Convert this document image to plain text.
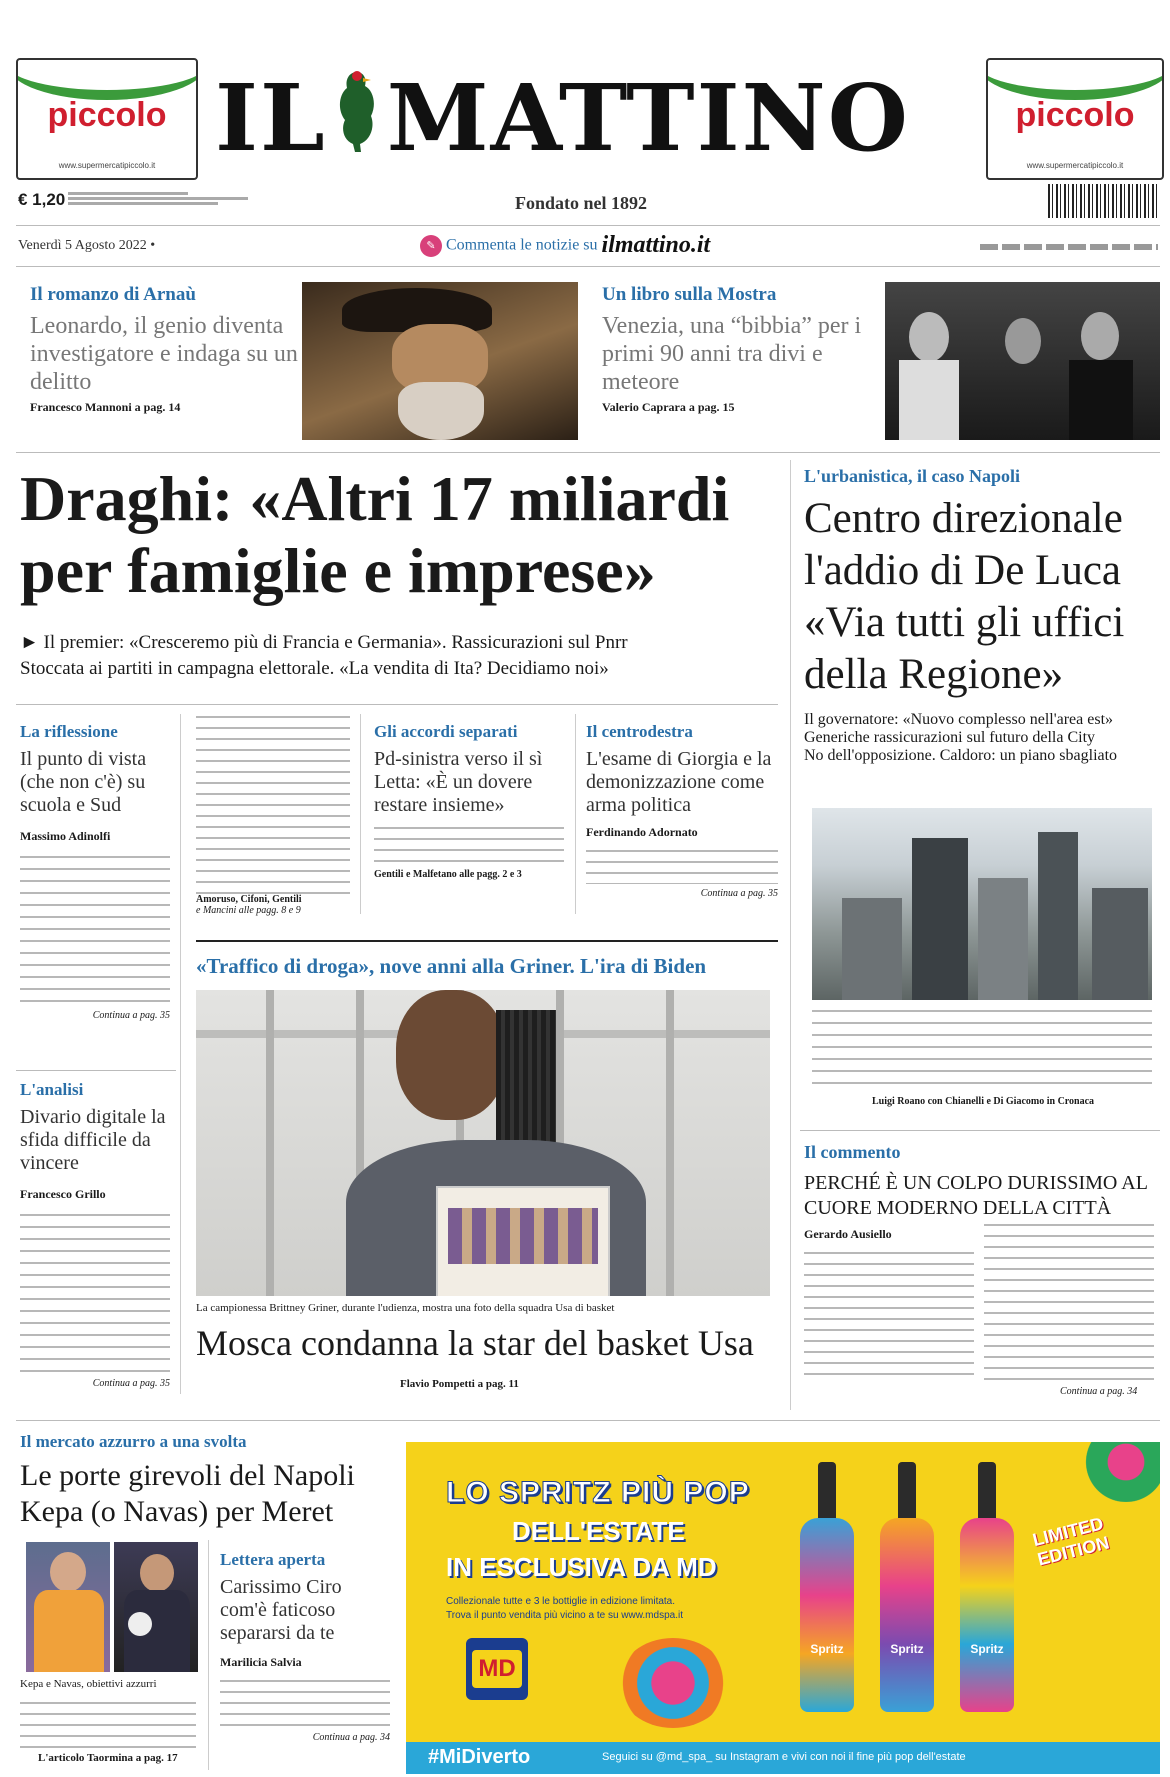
piccolo
www.supermercatipiccolo.it IL MATTINO	piccolo
www.supermercatipiccolo.it
€ 1,20	Fondato nel 1892
Venerdì 5 Agosto 2022 •	✎ Commenta le notizie su ilmattino.it
Il romanzo di Arnaù
Leonardo, il genio diventa investigatore e indaga su un delitto
Francesco Mannoni a pag. 14
Un libro sulla Mostra
Venezia, una “bibbia” per i primi 90 anni tra divi e meteore
Valerio Caprara a pag. 15
Draghi: «Altri 17 miliardi
per famiglie e imprese»
► Il premier: «Cresceremo più di Francia e Germania». Rassicurazioni sul Pnrr
Stoccata ai partiti in campagna elettorale. «La vendita di Ita? Decidiamo noi»
La riflessione
Il punto di vista (che non c'è) su scuola e Sud
Massimo Adinolfi
Continua a pag. 35
Amoruso, Cifoni, Gentili
e Mancini alle pagg. 8 e 9
Gli accordi separati
Pd-sinistra verso il sì Letta: «È un dovere restare insieme»
Gentili e Malfetano alle pagg. 2 e 3
Il centrodestra
L'esame di Giorgia e la demonizzazione come arma politica
Ferdinando Adornato
Continua a pag. 35
L'analisi
Divario digitale la sfida difficile da vincere
Francesco Grillo
Continua a pag. 35
«Traffico di droga», nove anni alla Griner. L'ira di Biden
La campionessa Brittney Griner, durante l'udienza, mostra una foto della squadra Usa di basket
Mosca condanna la star del basket Usa
Flavio Pompetti a pag. 11
L'urbanistica, il caso Napoli
Centro direzionale l'addio di De Luca «Via tutti gli uffici della Regione»
Il governatore: «Nuovo complesso nell'area est»
Generiche rassicurazioni sul futuro della City
No dell'opposizione. Caldoro: un piano sbagliato
Luigi Roano con Chianelli e Di Giacomo in Cronaca
Il commento
PERCHÉ È UN COLPO DURISSIMO AL CUORE MODERNO DELLA CITTÀ
Gerardo Ausiello
Continua a pag. 34
Il mercato azzurro a una svolta
Le porte girevoli del Napoli
Kepa (o Navas) per Meret
Kepa e Navas, obiettivi azzurri
L'articolo Taormina a pag. 17
Lettera aperta
Carissimo Ciro com'è faticoso separarsi da te
Marilicia Salvia
Continua a pag. 34
LO SPRITZ PIÙ POP
DELL'ESTATE
IN ESCLUSIVA DA MD
Collezionale tutte e 3 le bottiglie in edizione limitata.
Trova il punto vendita più vicino a te su www.mdspa.it
MD
Spritz	Spritz	Spritz
LIMITED EDITION
#MiDiverto	Seguici su @md_spa_ su Instagram e vivi con noi il fine più pop dell'estate
